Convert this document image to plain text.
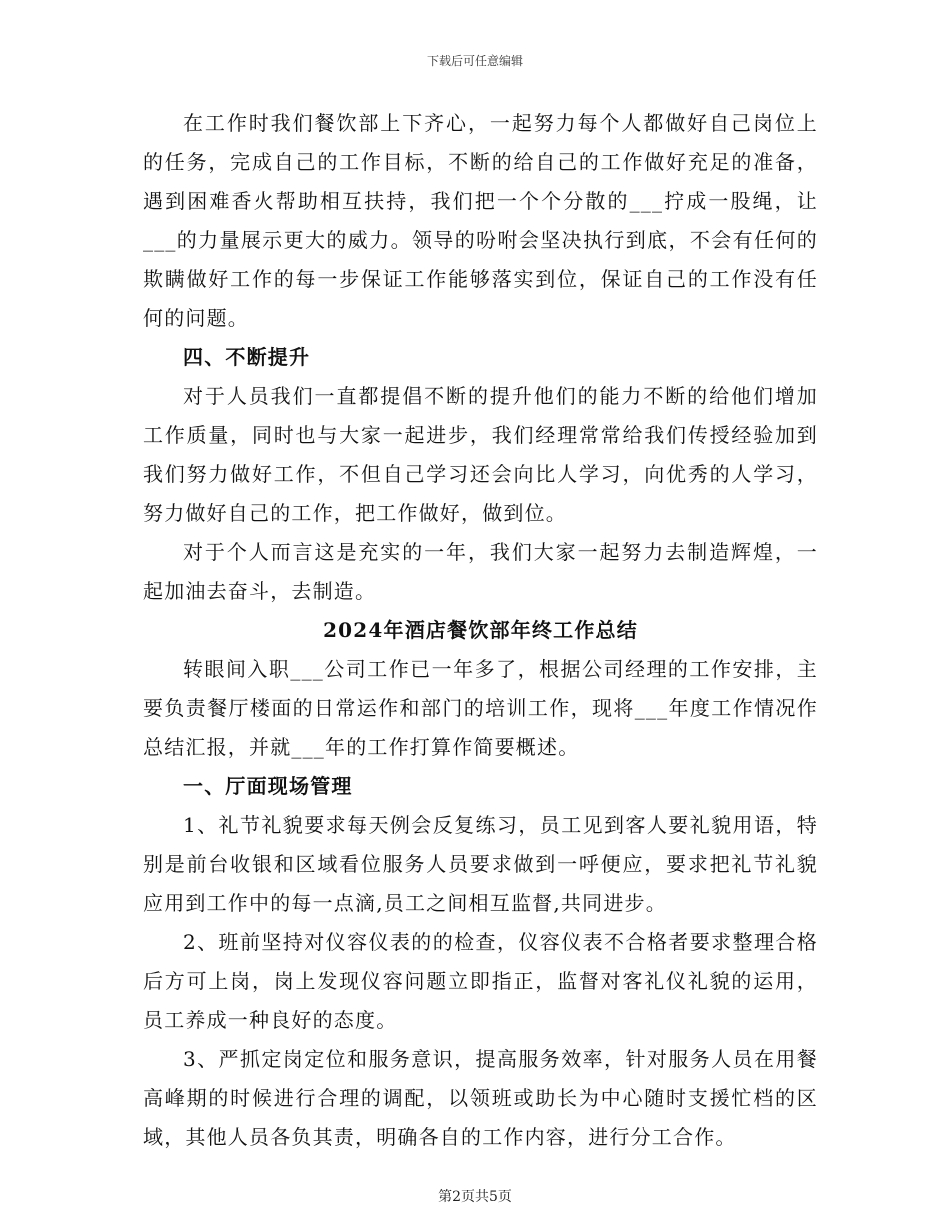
下载后可任意编辑

在工作时我们餐饮部上下齐心，一起努力每个人都做好自己岗位上的任务，完成自己的工作目标，不断的给自己的工作做好充足的准备，遇到困难香火帮助相互扶持，我们把一个个分散的___拧成一股绳，让___的力量展示更大的威力。领导的吩咐会坚决执行到底，不会有任何的欺瞒做好工作的每一步保证工作能够落实到位，保证自己的工作没有任何的问题。

四、不断提升

对于人员我们一直都提倡不断的提升他们的能力不断的给他们增加工作质量，同时也与大家一起进步，我们经理常常给我们传授经验加到我们努力做好工作，不但自己学习还会向比人学习，向优秀的人学习，努力做好自己的工作，把工作做好，做到位。

对于个人而言这是充实的一年，我们大家一起努力去制造辉煌，一起加油去奋斗，去制造。

2024年酒店餐饮部年终工作总结

转眼间入职___公司工作已一年多了，根据公司经理的工作安排，主要负责餐厅楼面的日常运作和部门的培训工作，现将___年度工作情况作总结汇报，并就___年的工作打算作简要概述。

一、厅面现场管理

1、礼节礼貌要求每天例会反复练习，员工见到客人要礼貌用语，特别是前台收银和区域看位服务人员要求做到一呼便应，要求把礼节礼貌应用到工作中的每一点滴,员工之间相互监督,共同进步。

2、班前坚持对仪容仪表的的检查，仪容仪表不合格者要求整理合格后方可上岗，岗上发现仪容问题立即指正，监督对客礼仪礼貌的运用，员工养成一种良好的态度。

3、严抓定岗定位和服务意识，提高服务效率，针对服务人员在用餐高峰期的时候进行合理的调配，以领班或助长为中心随时支援忙档的区域，其他人员各负其责，明确各自的工作内容，进行分工合作。

第2页共5页
